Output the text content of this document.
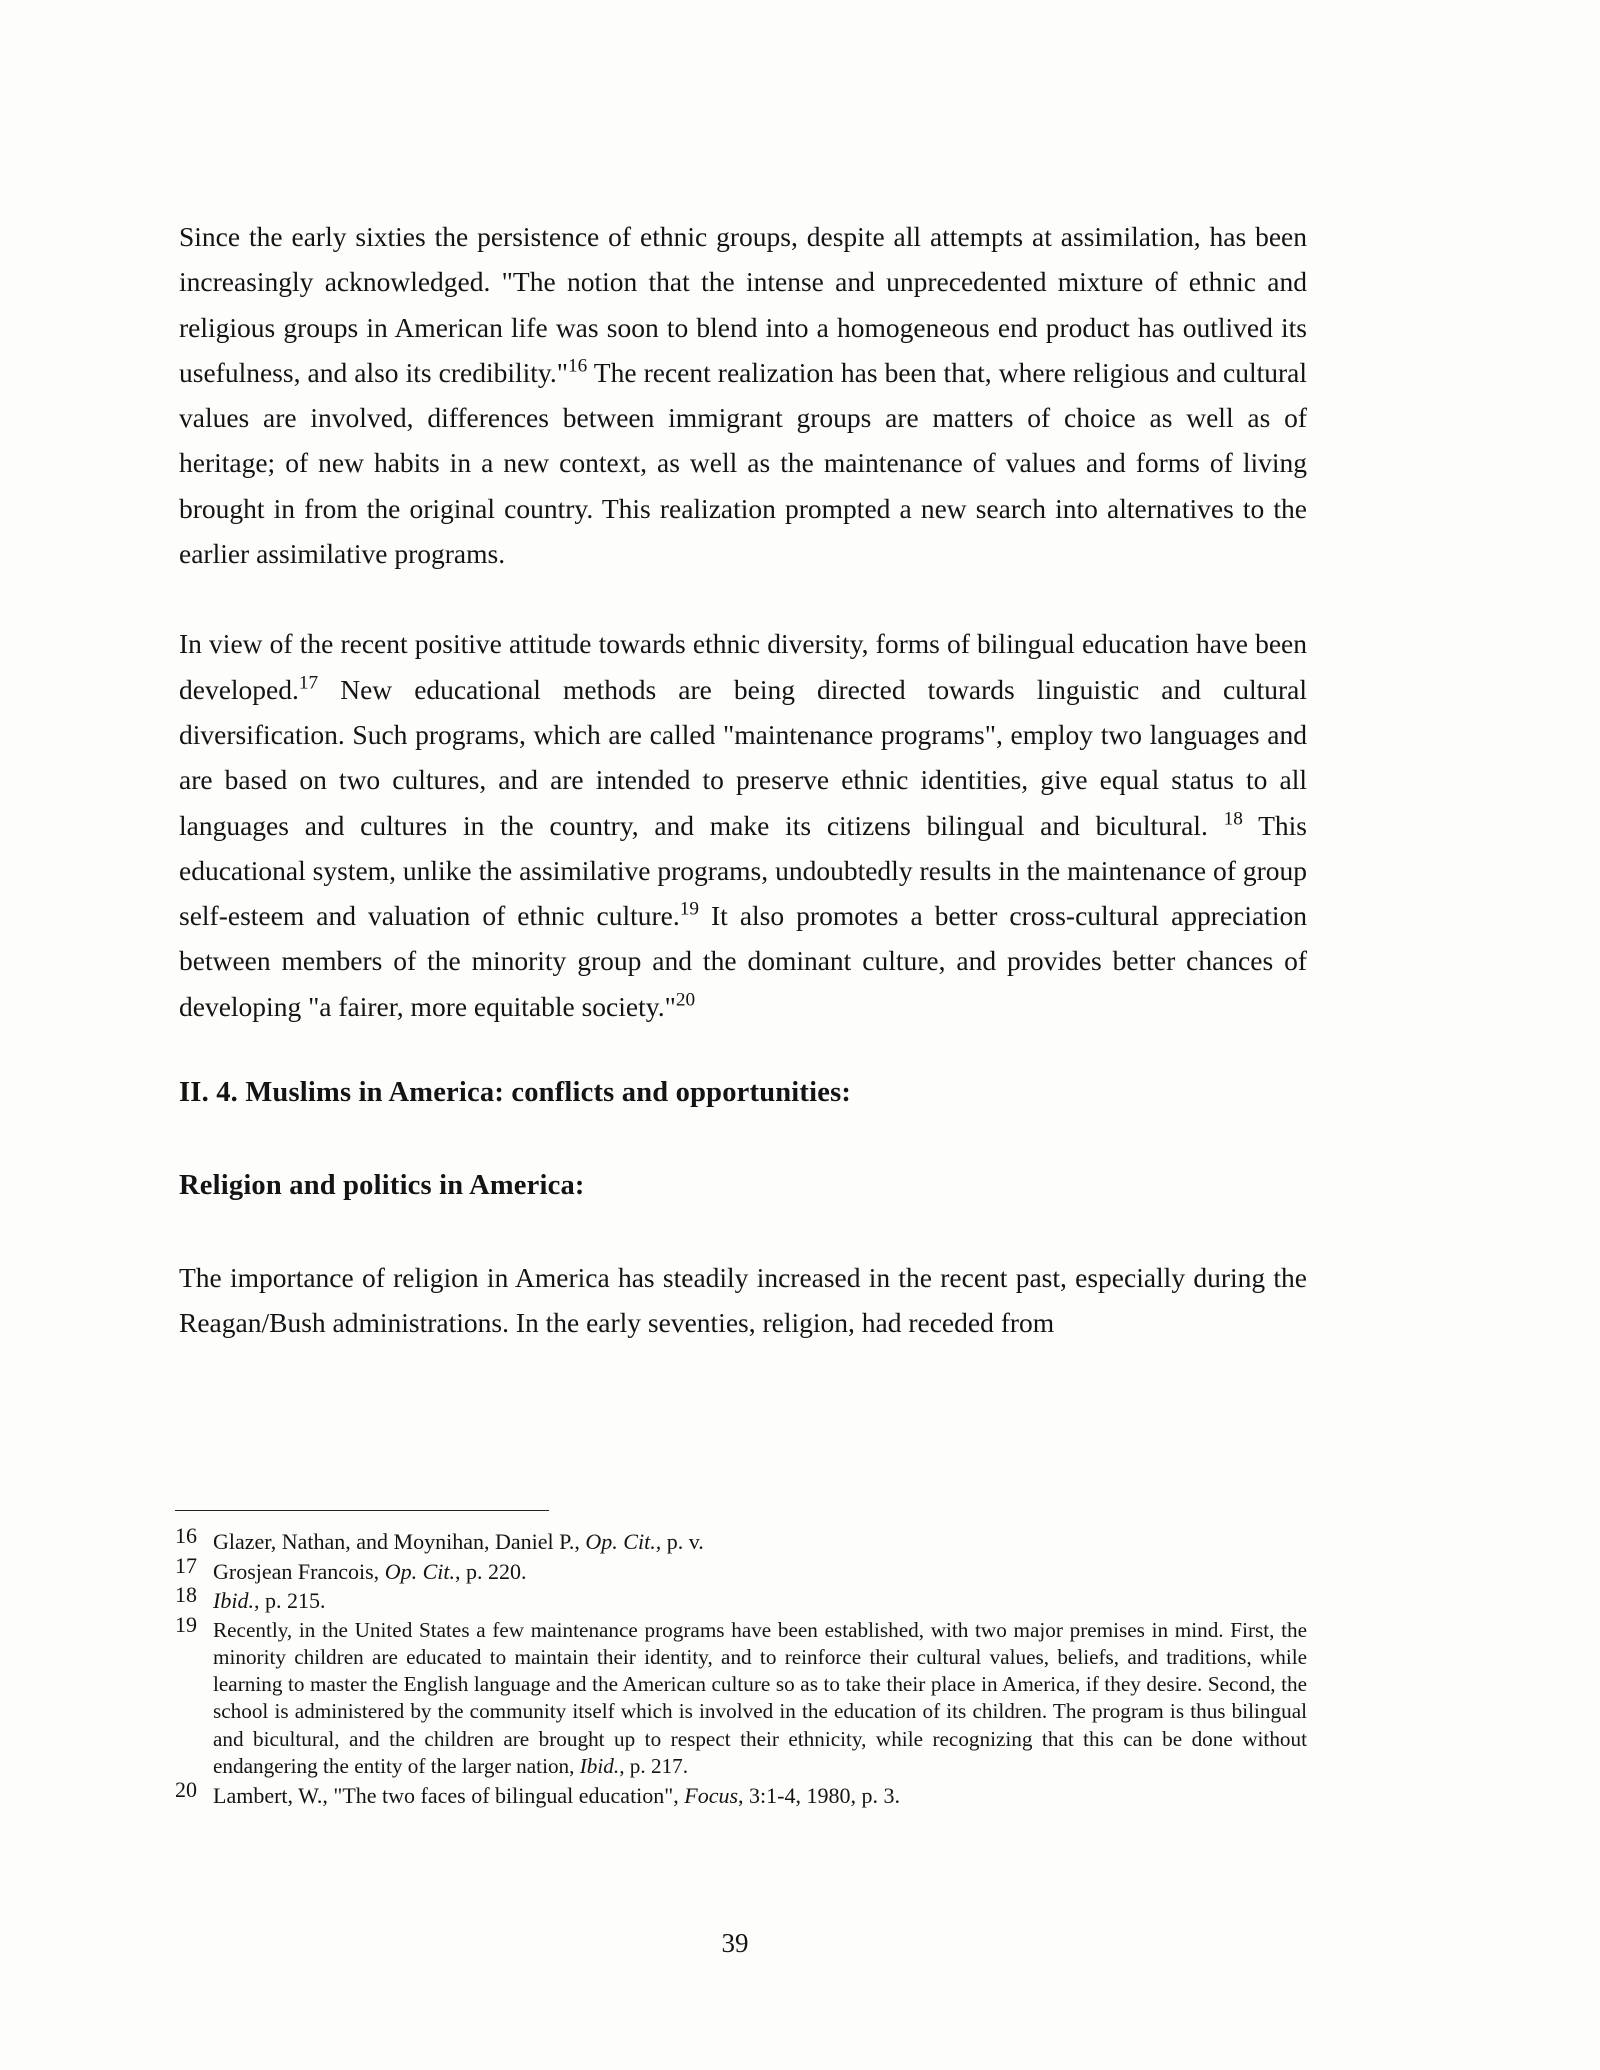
Since the early sixties the persistence of ethnic groups, despite all attempts at assimilation, has been increasingly acknowledged. "The notion that the intense and unprecedented mixture of ethnic and religious groups in American life was soon to blend into a homogeneous end product has outlived its usefulness, and also its credibility."$^{16}$ The recent realization has been that, where religious and cultural values are involved, differences between immigrant groups are matters of choice as well as of heritage; of new habits in a new context, as well as the maintenance of values and forms of living brought in from the original country. This realization prompted a new search into alternatives to the earlier assimilative programs.

In view of the recent positive attitude towards ethnic diversity, forms of bilingual education have been developed.$^{17}$ New educational methods are being directed towards linguistic and cultural diversification. Such programs, which are called "maintenance programs", employ two languages and are based on two cultures, and are intended to preserve ethnic identities, give equal status to all languages and cultures in the country, and make its citizens bilingual and bicultural. $^{18}$ This educational system, unlike the assimilative programs, undoubtedly results in the maintenance of group self-esteem and valuation of ethnic culture.$^{19}$ It also promotes a better cross-cultural appreciation between members of the minority group and the dominant culture, and provides better chances of developing "a fairer, more equitable society."$^{20}$

II. 4. Muslims in America: conflicts and opportunities:
Religion and politics in America:

The importance of religion in America has steadily increased in the recent past, especially during the Reagan/Bush administrations. In the early seventies, religion, had receded from

16 Glazer, Nathan, and Moynihan, Daniel P., Op. Cit., p. v.
17 Grosjean Francois, Op. Cit., p. 220.
18 Ibid., p. 215.
19 Recently, in the United States a few maintenance programs have been established, with two major premises in mind. First, the minority children are educated to maintain their identity, and to reinforce their cultural values, beliefs, and traditions, while learning to master the English language and the American culture so as to take their place in America, if they desire. Second, the school is administered by the community itself which is involved in the education of its children. The program is thus bilingual and bicultural, and the children are brought up to respect their ethnicity, while recognizing that this can be done without endangering the entity of the larger nation, Ibid., p. 217.
20 Lambert, W., "The two faces of bilingual education", Focus, 3:1-4, 1980, p. 3.
39
